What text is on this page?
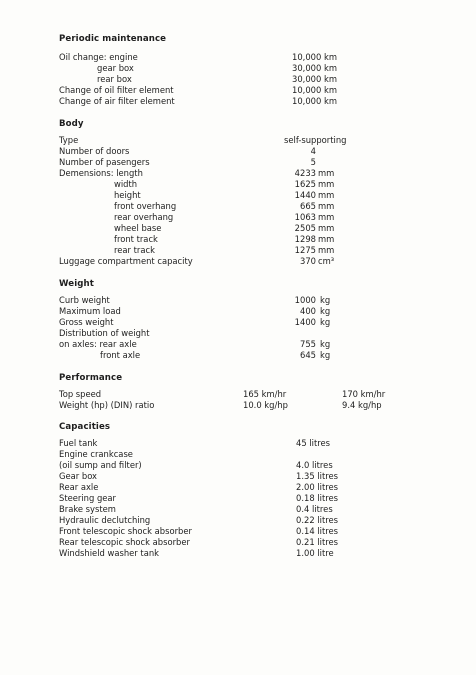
Periodic maintenance
Oil change: engine	10,000 km
gear box	30,000 km
rear box	30,000 km
Change of oil filter element	10,000 km
Change of air filter element	10,000 km
Body
Type	self-supporting
Number of doors	4
Number of pasengers	5
Demensions: length	4233 mm
width	1625 mm
height	1440 mm
front overhang	665 mm
rear overhang	1063 mm
wheel base	2505 mm
front track	1298 mm
rear track	1275 mm
Luggage compartment capacity	370 cm³
Weight
Curb weight	1000 kg
Maximum load	400 kg
Gross weight	1400 kg
Distribution of weight
on axles: rear axle	755 kg
front axle	645 kg
Performance
Top speed	165 km/hr	170 km/hr
Weight (hp) (DIN) ratio	10.0 kg/hp	9.4 kg/hp
Capacities
Fuel tank	45 litres
Engine crankcase
(oil sump and filter)	4.0 litres
Gear box	1.35 litres
Rear axle	2.00 litres
Steering gear	0.18 litres
Brake system	0.4 litres
Hydraulic declutching	0.22 litres
Front telescopic shock absorber	0.14 litres
Rear telescopic shock absorber	0.21 litres
Windshield washer tank	1.00 litre
